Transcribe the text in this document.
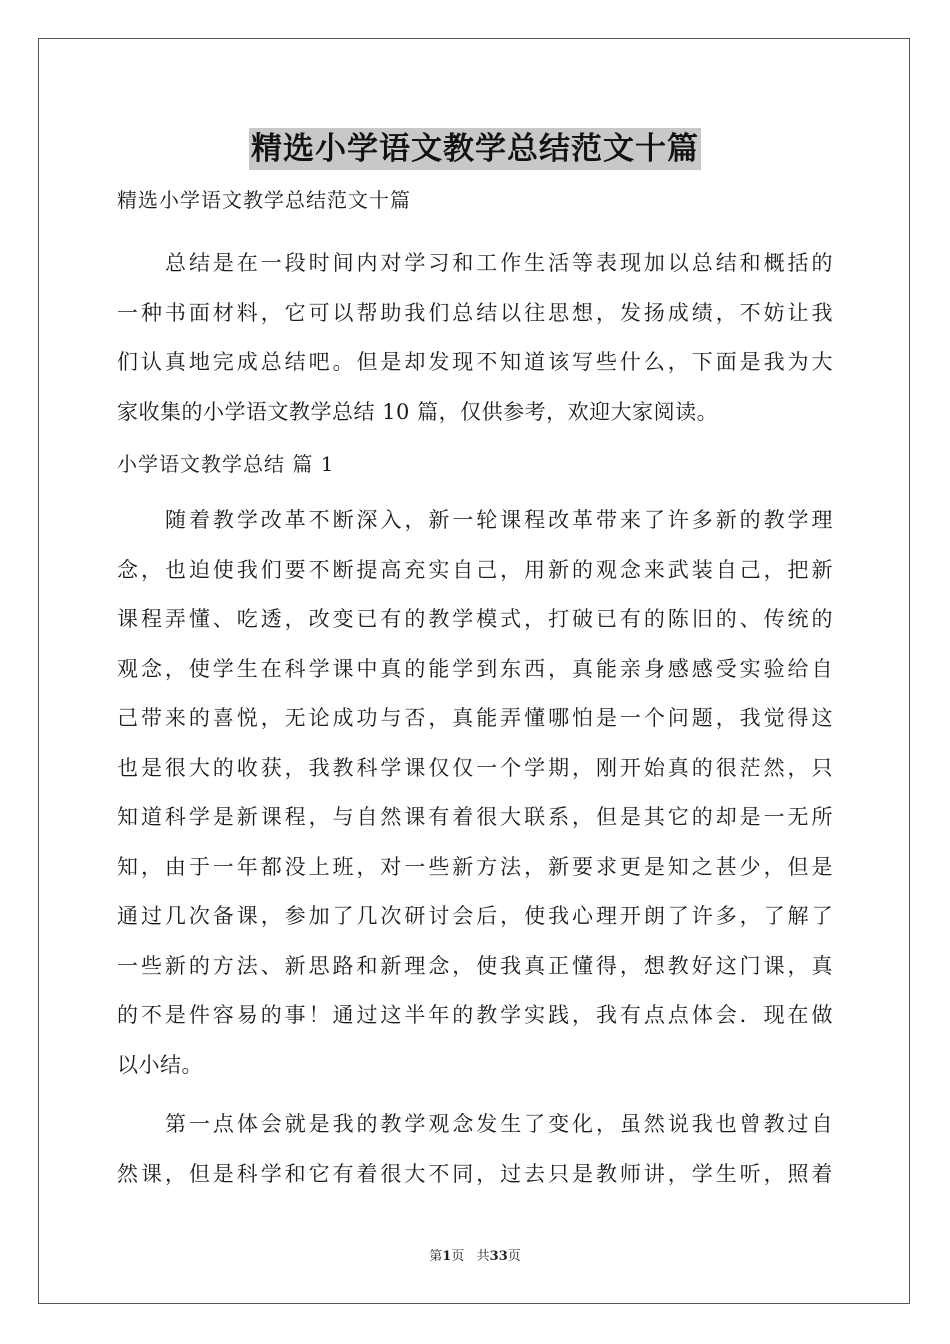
精选小学语文教学总结范文十篇
精选小学语文教学总结范文十篇
总结是在一段时间内对学习和工作生活等表现加以总结和概括的
一种书面材料，它可以帮助我们总结以往思想，发扬成绩，不妨让我
们认真地完成总结吧。但是却发现不知道该写些什么，下面是我为大
家收集的小学语文教学总结 10 篇，仅供参考，欢迎大家阅读。
小学语文教学总结 篇 1
随着教学改革不断深入，新一轮课程改革带来了许多新的教学理
念，也迫使我们要不断提高充实自己，用新的观念来武装自己，把新
课程弄懂、吃透，改变已有的教学模式，打破已有的陈旧的、传统的
观念，使学生在科学课中真的能学到东西，真能亲身感感受实验给自
己带来的喜悦，无论成功与否，真能弄懂哪怕是一个问题，我觉得这
也是很大的收获，我教科学课仅仅一个学期，刚开始真的很茫然，只
知道科学是新课程，与自然课有着很大联系，但是其它的却是一无所
知，由于一年都没上班，对一些新方法，新要求更是知之甚少，但是
通过几次备课，参加了几次研讨会后，使我心理开朗了许多，了解了
一些新的方法、新思路和新理念，使我真正懂得，想教好这门课，真
的不是件容易的事！通过这半年的教学实践，我有点点体会．现在做
以小结。
第一点体会就是我的教学观念发生了变化，虽然说我也曾教过自
然课，但是科学和它有着很大不同，过去只是教师讲，学生听，照着
第1页   共33页
